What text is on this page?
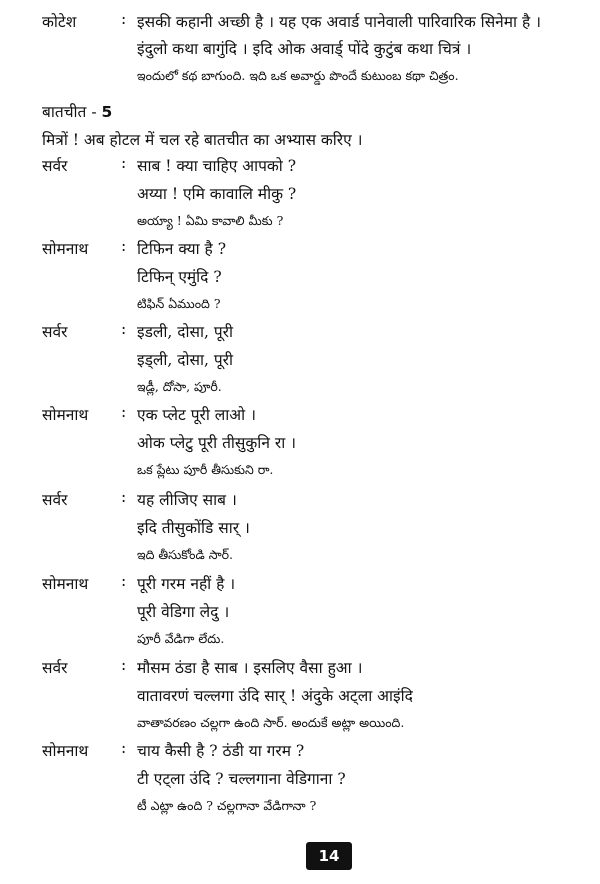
कोटेश	: इसकी कहानी अच्छी है । यह एक अवार्ड पानेवाली पारिवारिक सिनेमा है ।
इंदुलो कथा बागुंदि । इदि ओक अवार्ड् पोंदे कुटुंब कथा चित्रं ।
ఇందులో కథ బాగుంది. ఇది ఒక అవార్డు పొందే కుటుంబ కథా చిత్రం.
बातचीत - 5
मित्रों ! अब होटल में चल रहे बातचीत का अभ्यास करिए ।
सर्वर	: साब ! क्या चाहिए आपको ?
अय्या ! एमि कावालि मीकु ?
అయ్యా ! ఏమి కావాలి మీకు ?
सोमनाथ : टिफिन क्या है ?
टिफिन् एमुंदि ?
టిఫిన్ ఏముంది ?
सर्वर	: इडली, दोसा, पूरी
इड्ली, दोसा, पूरी
ఇడ్లీ, దోసా, పూరీ.
सोमनाथ : एक प्लेट पूरी लाओ ।
ओक प्लेटु पूरी तीसुकुनि रा ।
ఒక ప్లేటు పూరీ తీసుకుని రా.
सर्वर	: यह लीजिए साब ।
इदि तीसुकोंडि सार् ।
ఇది తీసుకోండి సార్.
सोमनाथ : पूरी गरम नहीं है ।
पूरी वेडिगा लेदु ।
పూరీ వేడిగా లేదు.
सर्वर	: मौसम ठंडा है साब । इसलिए वैसा हुआ ।
वातावरणं चल्लगा उंदि सार् ! अंदुके अट्ला आइंदि
వాతావరణం చల్లగా ఉంది సార్. అందుకే అట్లా అయింది.
सोमनाथ : चाय कैसी है ? ठंडी या गरम ?
टी एट्ला उंदि ? चल्लगाना वेडिगाना ?
టీ ఎట్లా ఉంది ? చల్లగానా వేడిగానా ?
14
